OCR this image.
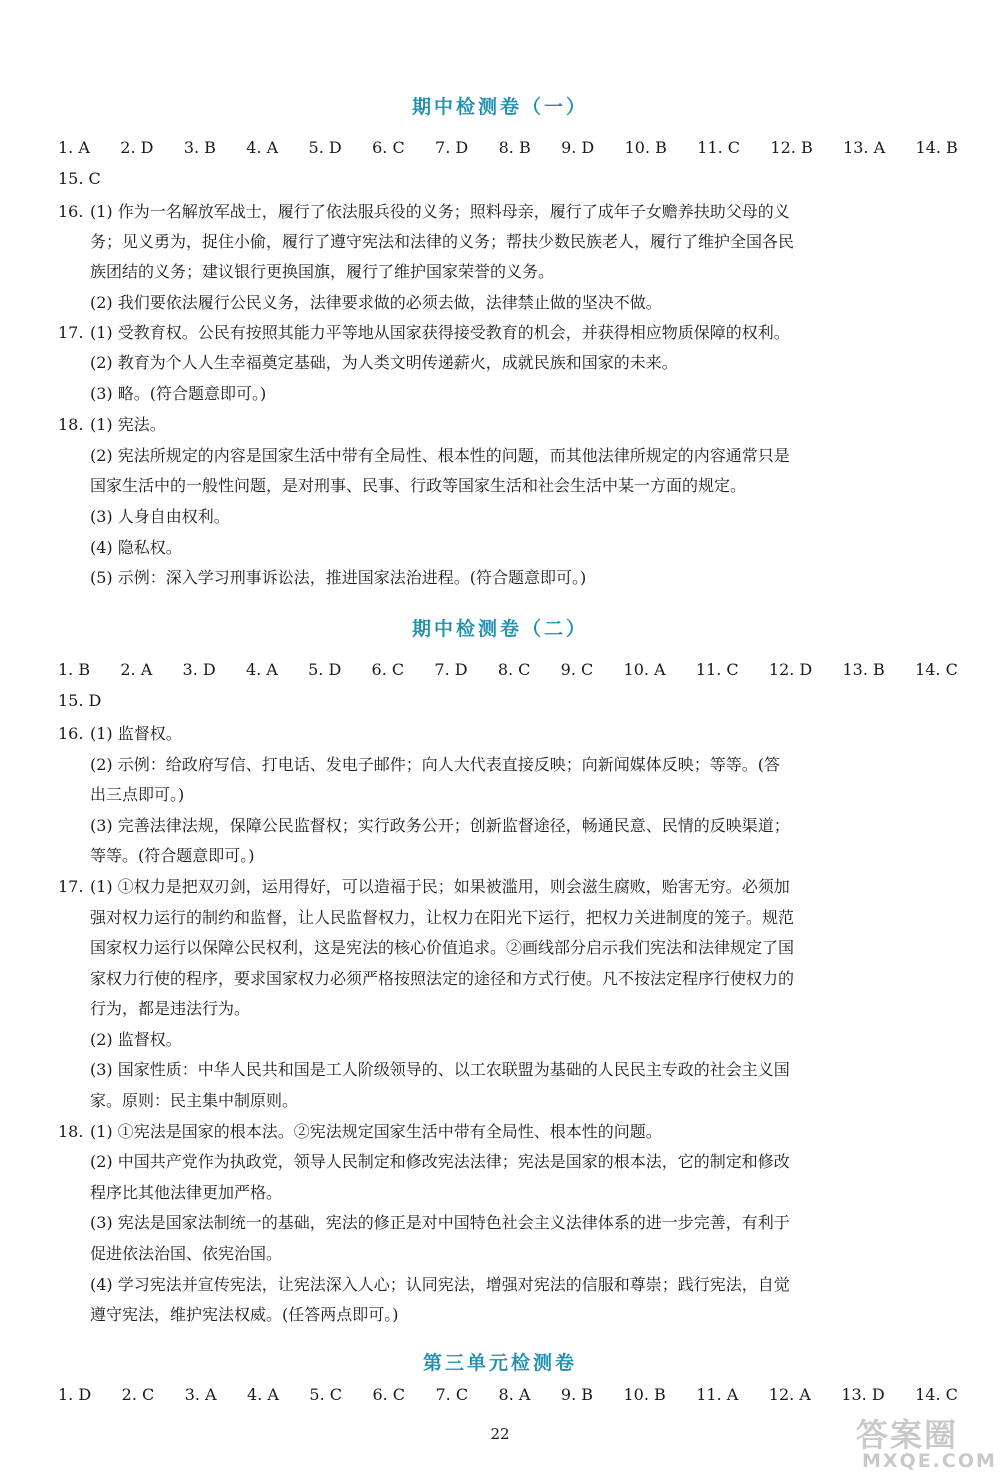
期中检测卷（一）
1. A 2. D 3. B 4. A 5. D 6. C 7. D 8. B 9. D 10. B 11. C 12. B 13. A 14. B
15. C
16. (1) 作为一名解放军战士，履行了依法服兵役的义务；照料母亲，履行了成年子女赡养扶助父母的义
务；见义勇为，捉住小偷，履行了遵守宪法和法律的义务；帮扶少数民族老人，履行了维护全国各民
族团结的义务；建议银行更换国旗，履行了维护国家荣誉的义务。
(2) 我们要依法履行公民义务，法律要求做的必须去做，法律禁止做的坚决不做。
17. (1) 受教育权。公民有按照其能力平等地从国家获得接受教育的机会，并获得相应物质保障的权利。
(2) 教育为个人人生幸福奠定基础，为人类文明传递薪火，成就民族和国家的未来。
(3) 略。(符合题意即可。)
18. (1) 宪法。
(2) 宪法所规定的内容是国家生活中带有全局性、根本性的问题，而其他法律所规定的内容通常只是
国家生活中的一般性问题，是对刑事、民事、行政等国家生活和社会生活中某一方面的规定。
(3) 人身自由权利。
(4) 隐私权。
(5) 示例：深入学习刑事诉讼法，推进国家法治进程。(符合题意即可。)
期中检测卷（二）
1. B 2. A 3. D 4. A 5. D 6. C 7. D 8. C 9. C 10. A 11. C 12. D 13. B 14. C
15. D
16. (1) 监督权。
(2) 示例：给政府写信、打电话、发电子邮件；向人大代表直接反映；向新闻媒体反映；等等。(答
出三点即可。)
(3) 完善法律法规，保障公民监督权；实行政务公开；创新监督途径，畅通民意、民情的反映渠道；
等等。(符合题意即可。)
17. (1) ①权力是把双刃剑，运用得好，可以造福于民；如果被滥用，则会滋生腐败，贻害无穷。必须加
强对权力运行的制约和监督，让人民监督权力，让权力在阳光下运行，把权力关进制度的笼子。规范
国家权力运行以保障公民权利，这是宪法的核心价值追求。②画线部分启示我们宪法和法律规定了国
家权力行使的程序，要求国家权力必须严格按照法定的途径和方式行使。凡不按法定程序行使权力的
行为，都是违法行为。
(2) 监督权。
(3) 国家性质：中华人民共和国是工人阶级领导的、以工农联盟为基础的人民民主专政的社会主义国
家。原则：民主集中制原则。
18. (1) ①宪法是国家的根本法。②宪法规定国家生活中带有全局性、根本性的问题。
(2) 中国共产党作为执政党，领导人民制定和修改宪法法律；宪法是国家的根本法，它的制定和修改
程序比其他法律更加严格。
(3) 宪法是国家法制统一的基础，宪法的修正是对中国特色社会主义法律体系的进一步完善，有利于
促进依法治国、依宪治国。
(4) 学习宪法并宣传宪法，让宪法深入人心；认同宪法，增强对宪法的信服和尊崇；践行宪法，自觉
遵守宪法，维护宪法权威。(任答两点即可。)
第三单元检测卷
1. D 2. C 3. A 4. A 5. C 6. C 7. C 8. A 9. B 10. B 11. A 12. A 13. D 14. C
22	答案圈
MXQE.COM
